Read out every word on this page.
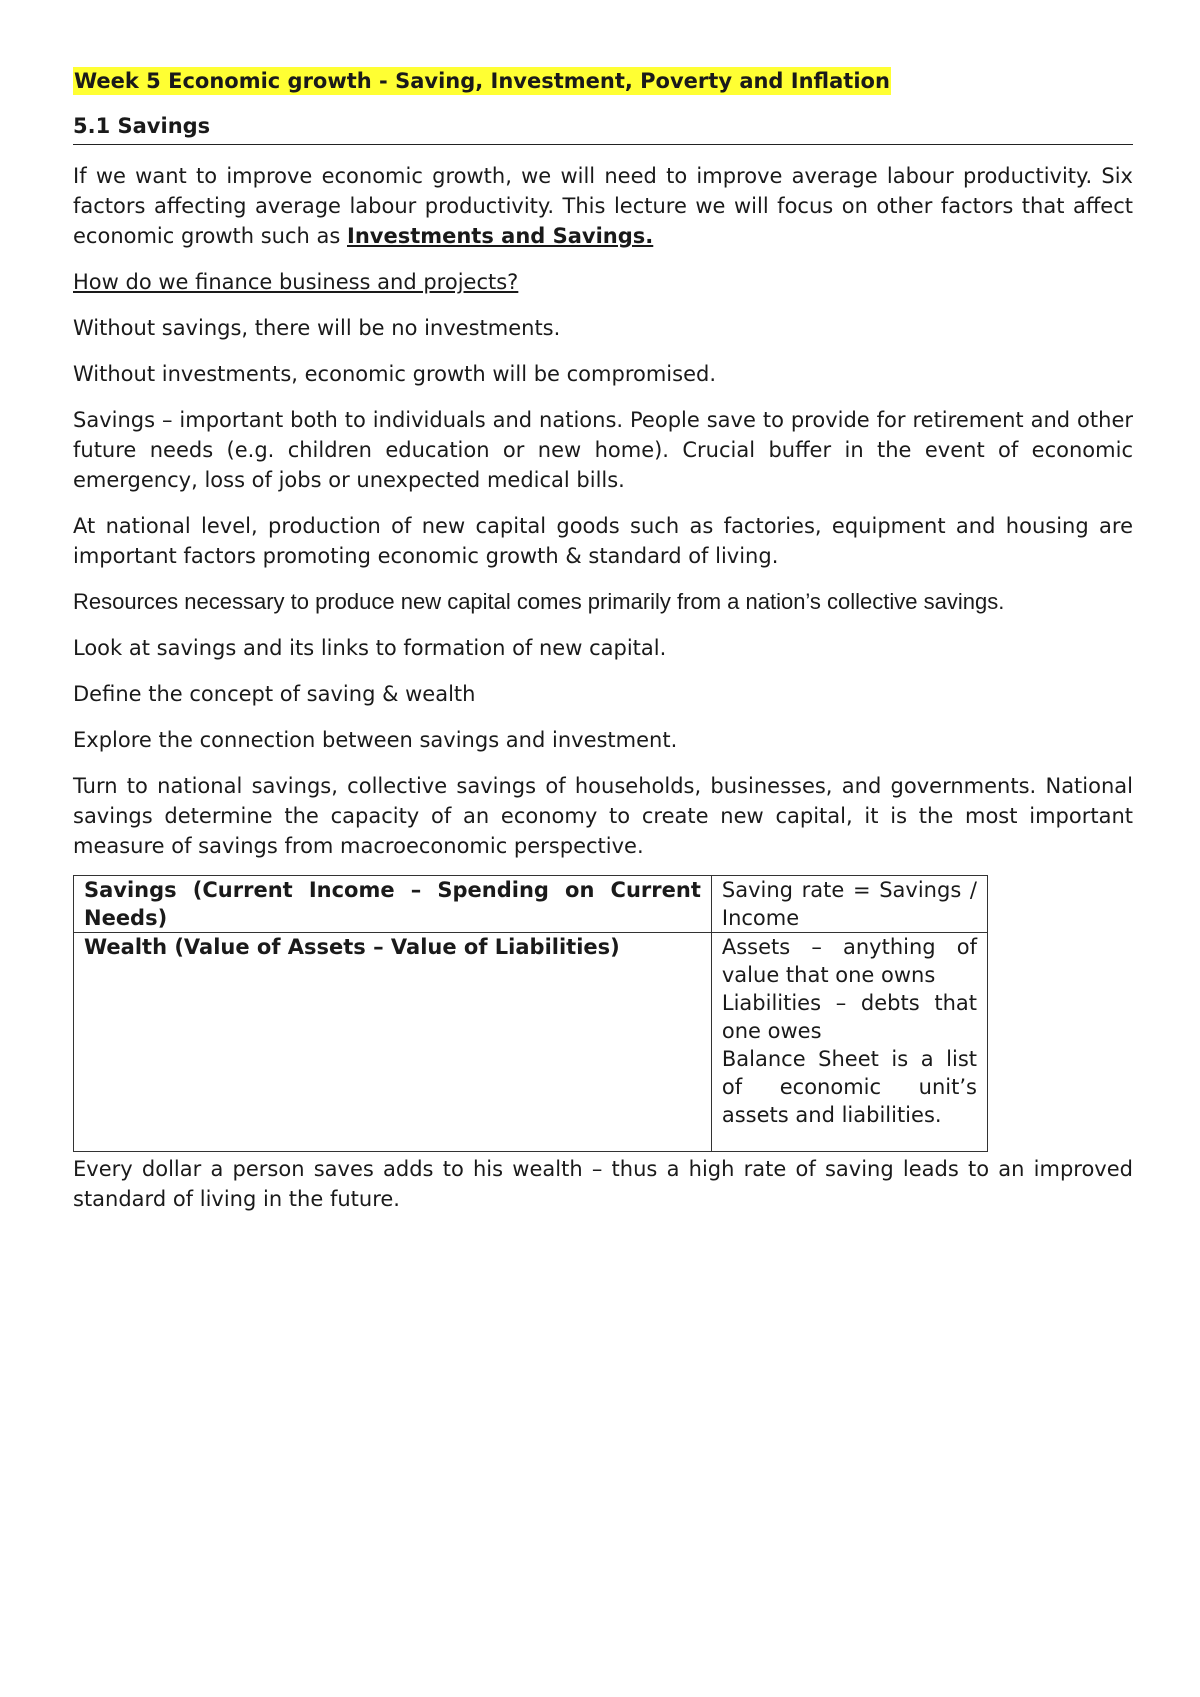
Week 5 Economic growth - Saving, Investment, Poverty and Inflation
5.1 Savings

If we want to improve economic growth, we will need to improve average labour productivity. Six factors affecting average labour productivity. This lecture we will focus on other factors that affect economic growth such as Investments and Savings.

How do we finance business and projects?

Without savings, there will be no investments.

Without investments, economic growth will be compromised.

Savings – important both to individuals and nations. People save to provide for retirement and other future needs (e.g. children education or new home). Crucial buffer in the event of economic emergency, loss of jobs or unexpected medical bills.

At national level, production of new capital goods such as factories, equipment and housing are important factors promoting economic growth & standard of living.

Resources necessary to produce new capital comes primarily from a nation’s collective savings.

Look at savings and its links to formation of new capital.

Define the concept of saving & wealth

Explore the connection between savings and investment.

Turn to national savings, collective savings of households, businesses, and governments. National savings determine the capacity of an economy to create new capital, it is the most important measure of savings from macroeconomic perspective.

Savings (Current Income – Spending on Current Needs)	Saving rate = Savings / Income
Wealth (Value of Assets – Value of Liabilities)	Assets – anything of value that one owns
Liabilities – debts that one owes
Balance Sheet is a list of economic unit’s assets and liabilities.

Every dollar a person saves adds to his wealth – thus a high rate of saving leads to an improved standard of living in the future.
